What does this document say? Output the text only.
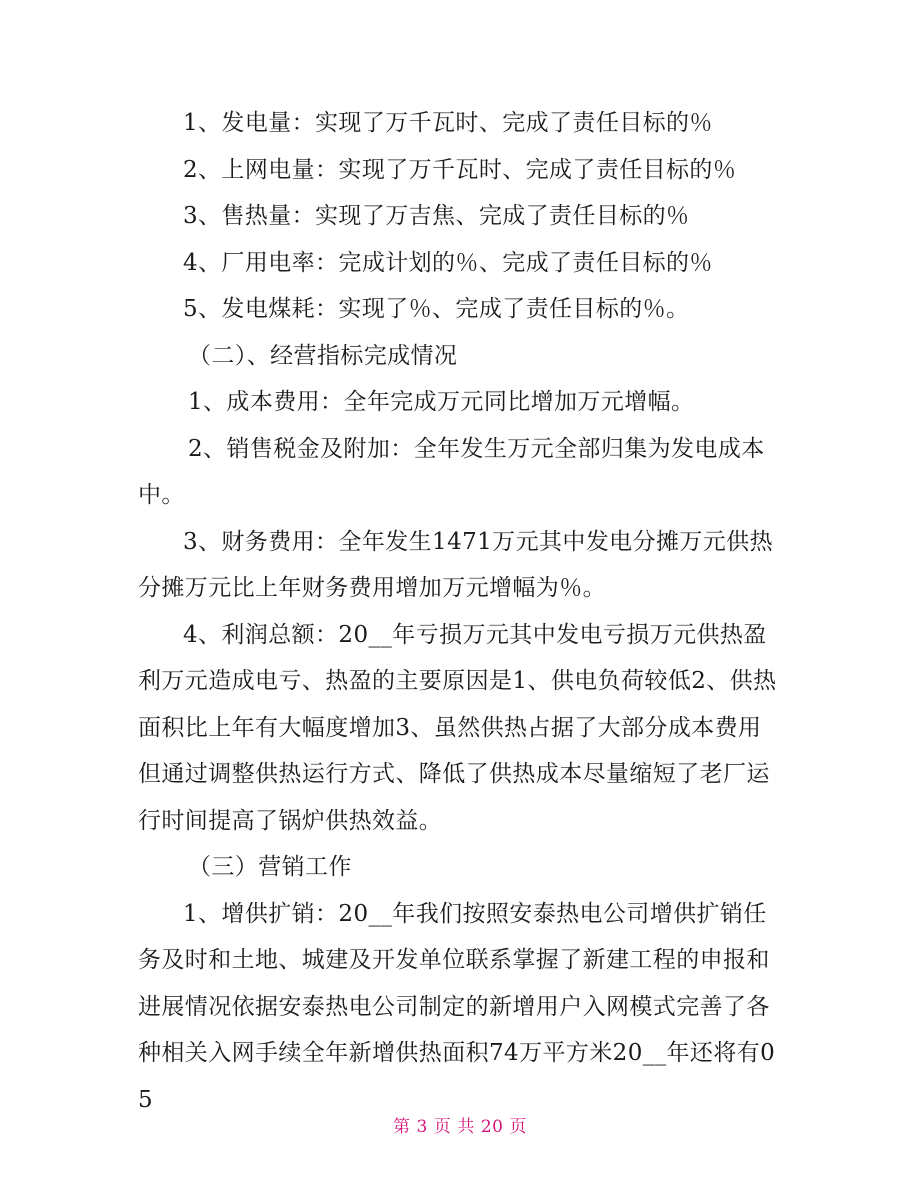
1、发电量：实现了万千瓦时、完成了责任目标的％

2、上网电量：实现了万千瓦时、完成了责任目标的％

3、售热量：实现了万吉焦、完成了责任目标的％

4、厂用电率：完成计划的％、完成了责任目标的％

5、发电煤耗：实现了％、完成了责任目标的％。

（二）、经营指标完成情况

1、成本费用：全年完成万元同比增加万元增幅。

2、销售税金及附加：全年发生万元全部归集为发电成本中。

3、财务费用：全年发生1471万元其中发电分摊万元供热分摊万元比上年财务费用增加万元增幅为％。

4、利润总额：20__年亏损万元其中发电亏损万元供热盈利万元造成电亏、热盈的主要原因是1、供电负荷较低2、供热面积比上年有大幅度增加3、虽然供热占据了大部分成本费用但通过调整供热运行方式、降低了供热成本尽量缩短了老厂运行时间提高了锅炉供热效益。

（三）营销工作

1、增供扩销：20__年我们按照安泰热电公司增供扩销任务及时和土地、城建及开发单位联系掌握了新建工程的申报和进展情况依据安泰热电公司制定的新增用户入网模式完善了各种相关入网手续全年新增供热面积74万平方米20__年还将有05

第 3 页 共 20 页
